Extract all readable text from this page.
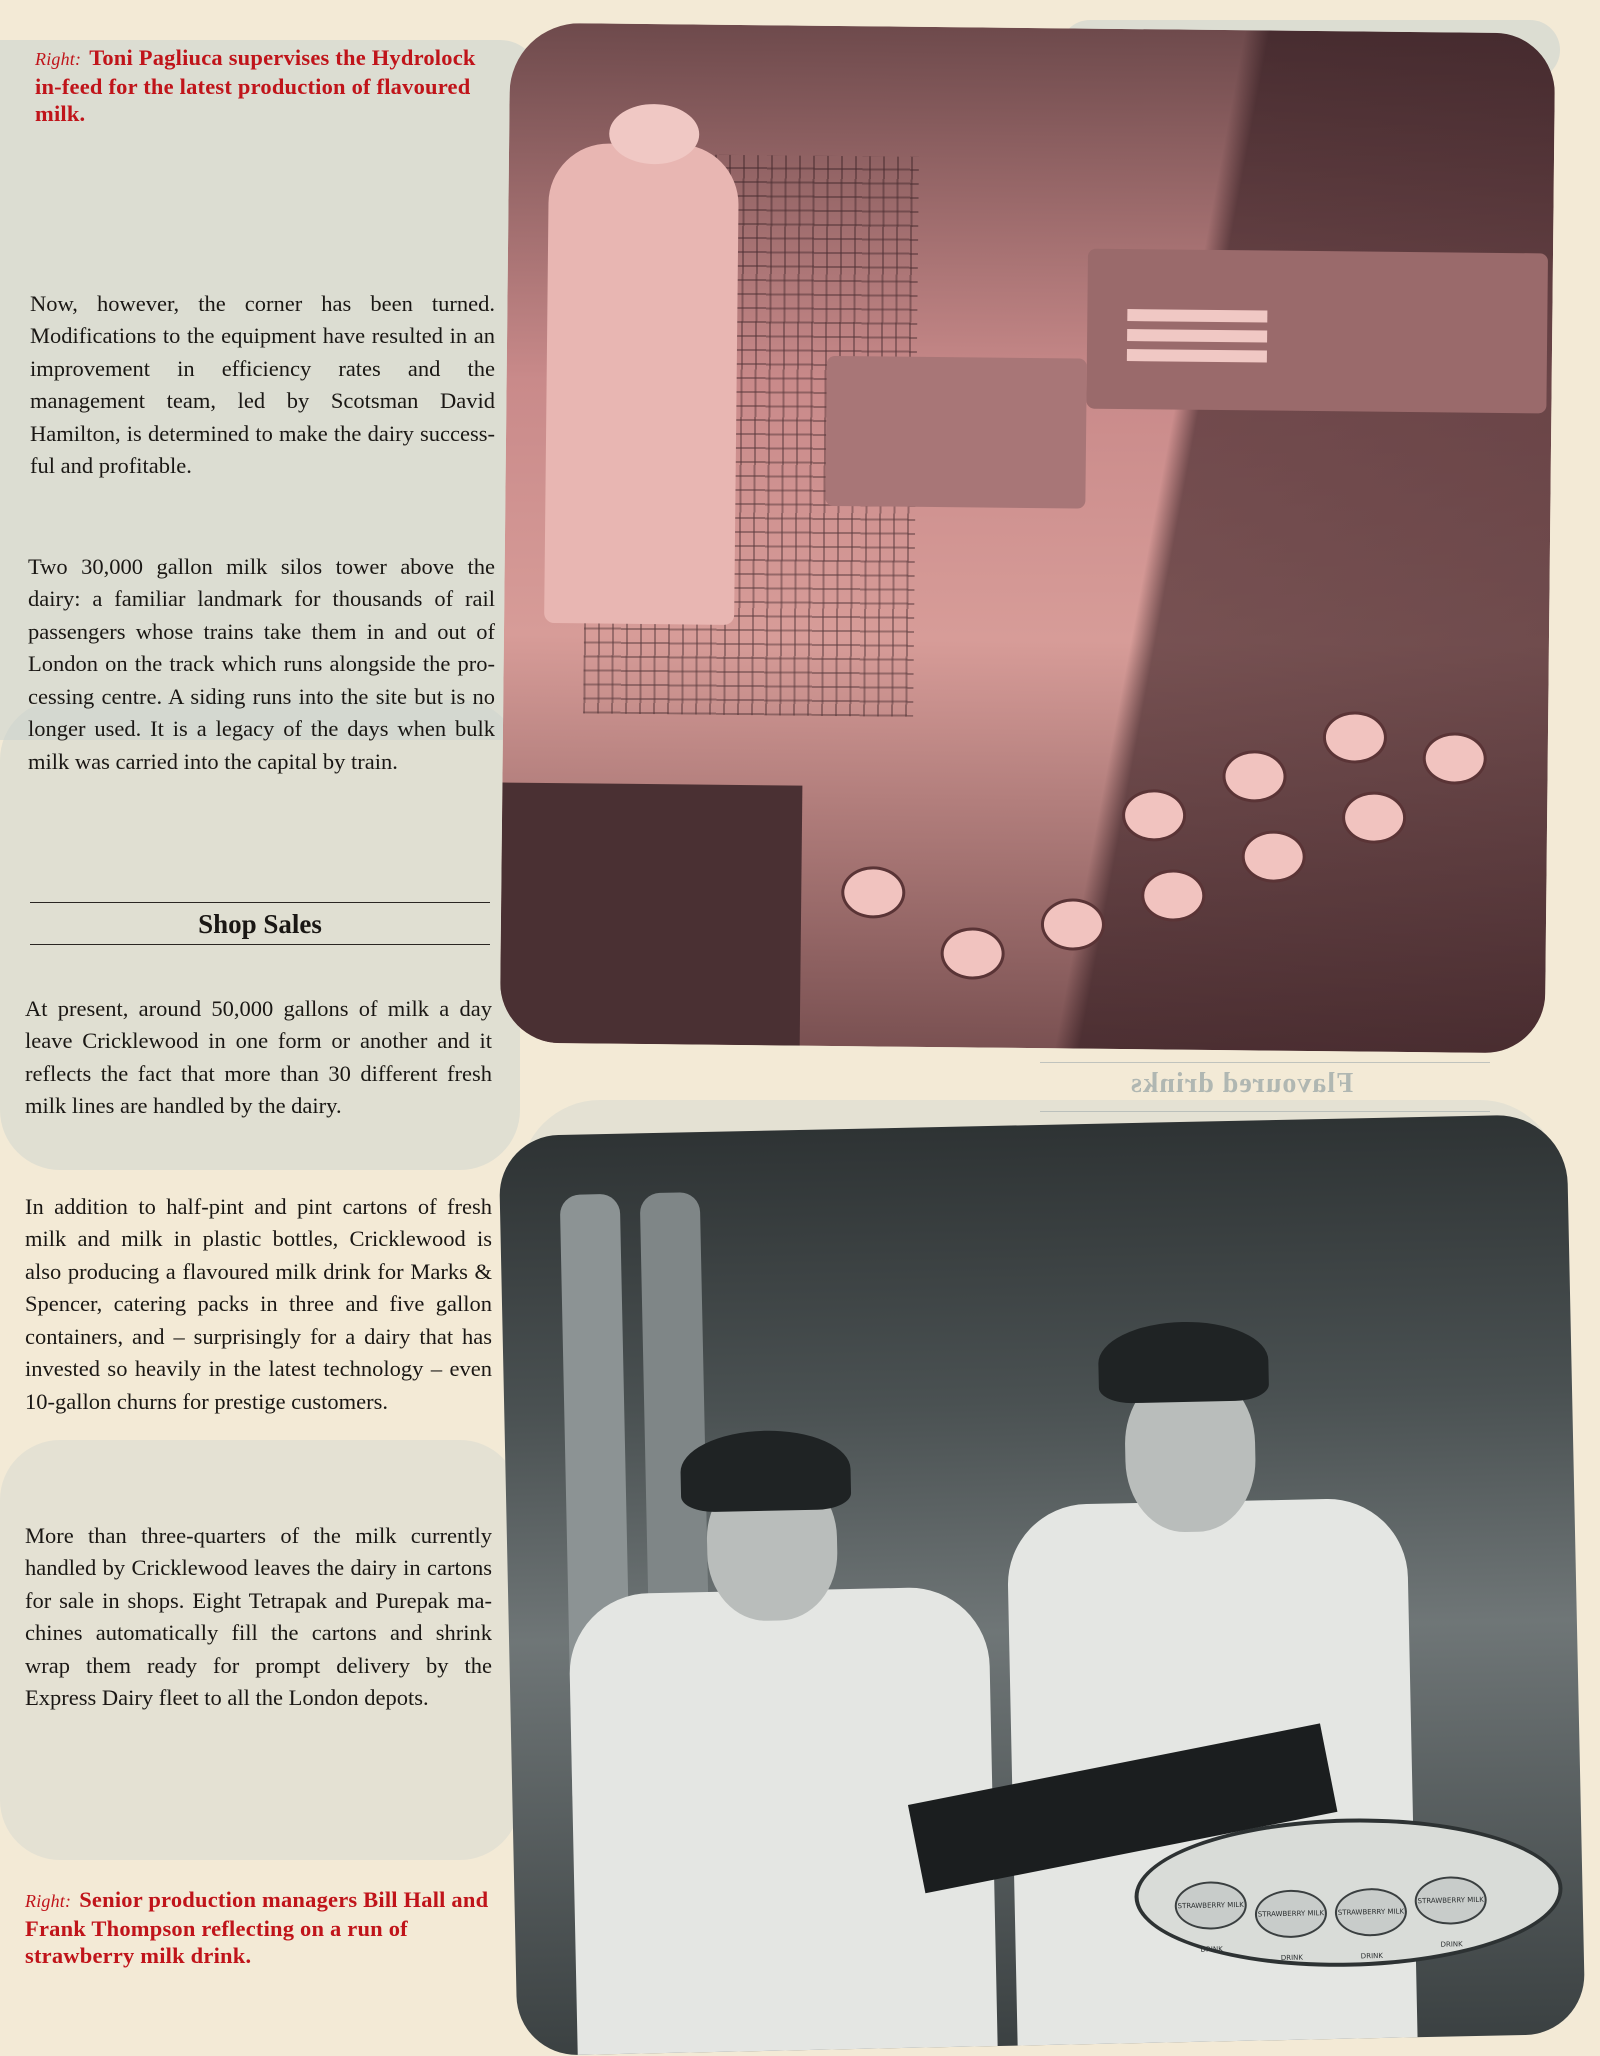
Right: Toni Pagliuca supervises the Hydrolock in-feed for the latest production of flavoured milk.

Now, however, the corner has been turned. Modifications to the equipment have resulted in an improvement in efficiency rates and the management team, led by Scotsman David Hamilton, is determined to make the dairy successful and profitable.

Two 30,000 gallon milk silos tower above the dairy: a familiar landmark for thousands of rail passengers whose trains take them in and out of London on the track which runs alongside the processing centre. A siding runs into the site but is no longer used. It is a legacy of the days when bulk milk was carried into the capital by train.

Shop Sales

At present, around 50,000 gallons of milk a day leave Cricklewood in one form or another and it reflects the fact that more than 30 different fresh milk lines are handled by the dairy.

In addition to half-pint and pint cartons of fresh milk and milk in plastic bottles, Cricklewood is also producing a flavoured milk drink for Marks & Spencer, catering packs in three and five gallon containers, and – surprisingly for a dairy that has invested so heavily in the latest technology – even 10-gallon churns for prestige customers.

More than three-quarters of the milk currently handled by Cricklewood leaves the dairy in cartons for sale in shops. Eight Tetrapak and Purepak machines automatically fill the cartons and shrink wrap them ready for prompt delivery by the Express Dairy fleet to all the London depots.

Right: Senior production managers Bill Hall and Frank Thompson reflecting on a run of strawberry milk drink.
Flavoured drinks
STRAWBERRY MILK DRINK
STRAWBERRY MILK DRINK
STRAWBERRY MILK DRINK
STRAWBERRY MILK DRINK
